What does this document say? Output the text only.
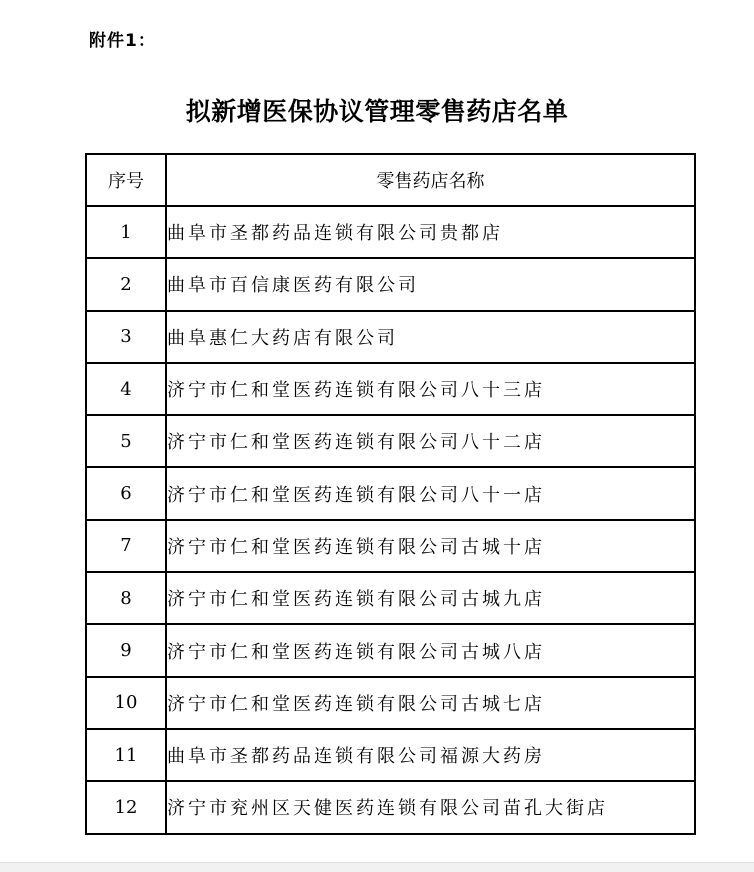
附件1：
拟新增医保协议管理零售药店名单
序号	零售药店名称
1	曲阜市圣都药品连锁有限公司贵都店
2	曲阜市百信康医药有限公司
3	曲阜惠仁大药店有限公司
4	济宁市仁和堂医药连锁有限公司八十三店
5	济宁市仁和堂医药连锁有限公司八十二店
6	济宁市仁和堂医药连锁有限公司八十一店
7	济宁市仁和堂医药连锁有限公司古城十店
8	济宁市仁和堂医药连锁有限公司古城九店
9	济宁市仁和堂医药连锁有限公司古城八店
10	济宁市仁和堂医药连锁有限公司古城七店
11	曲阜市圣都药品连锁有限公司福源大药房
12	济宁市兖州区天健医药连锁有限公司苗孔大街店
